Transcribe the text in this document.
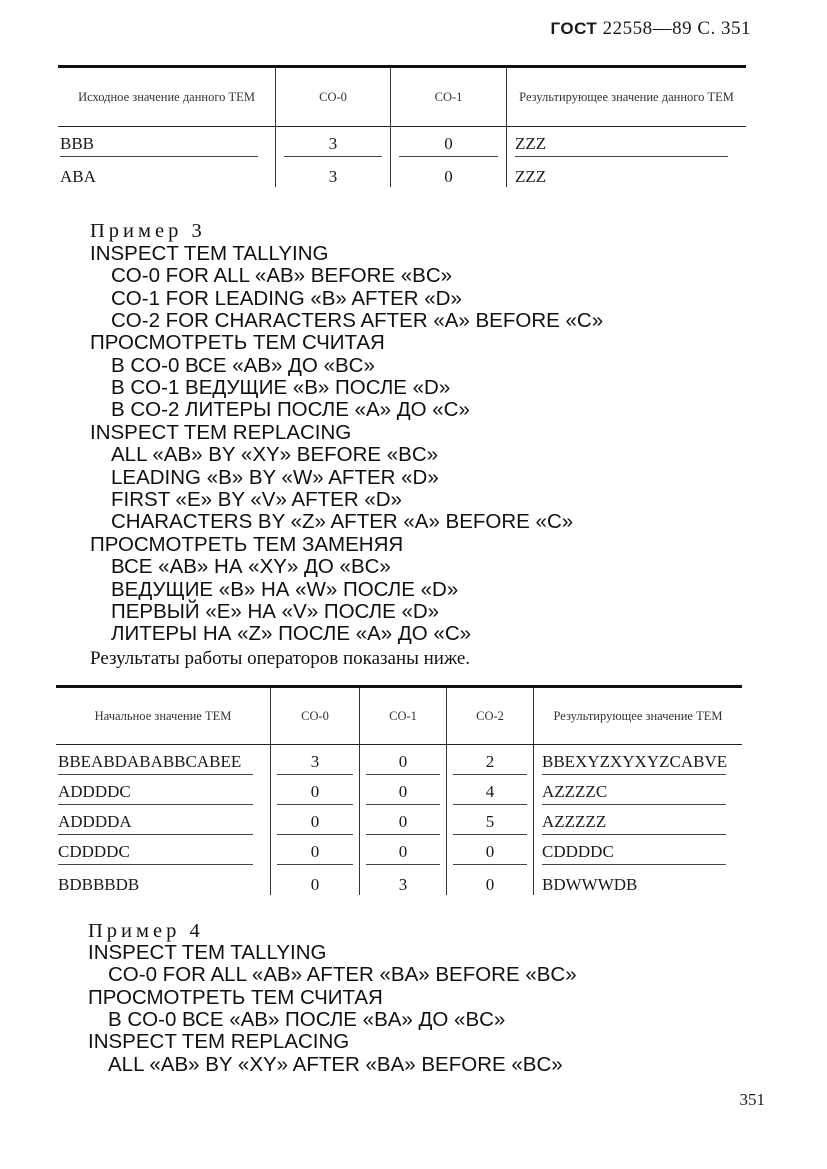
ГОСТ 22558—89 С. 351
Исходное значение данного TEM	CO-0	CO-1	Результирующее значение данного TEM
BBB	3	0	ZZZ
ABA	3	0	ZZZ
Пример 3
INSPECT TEM TALLYING
CO-0 FOR ALL «AB» BEFORE «BC»
CO-1 FOR LEADING «B» AFTER «D»
CO-2 FOR CHARACTERS AFTER «A» BEFORE «C»
ПРОСМОТРЕТЬ TEM СЧИТАЯ
В CO-0 ВСЕ «AB» ДО «BC»
В CO-1 ВЕДУЩИЕ «B» ПОСЛЕ «D»
В CO-2 ЛИТЕРЫ ПОСЛЕ «A» ДО «C»
INSPECT TEM REPLACING
ALL «AB» BY «XY» BEFORE «BC»
LEADING «B» BY «W» AFTER «D»
FIRST «E» BY «V» AFTER «D»
CHARACTERS BY «Z» AFTER «A» BEFORE «C»
ПРОСМОТРЕТЬ TEM ЗАМЕНЯЯ
ВСЕ «AB» НА «XY» ДО «BC»
ВЕДУЩИЕ «B» НА «W» ПОСЛЕ «D»
ПЕРВЫЙ «E» НА «V» ПОСЛЕ «D»
ЛИТЕРЫ НА «Z» ПОСЛЕ «A» ДО «C»
Результаты работы операторов показаны ниже.
Начальное значение TEM	CO-0	CO-1	CO-2	Результирующее значение TEM
BBEABDABABBCABEE	3	0	2	BBEXYZXYXYZCABVE
ADDDDC	0	0	4	AZZZZC
ADDDDA	0	0	5	AZZZZZ
CDDDDC	0	0	0	CDDDDC
BDBBBDB	0	3	0	BDWWWDB
Пример 4
INSPECT TEM TALLYING
CO-0 FOR ALL «AB» AFTER «BA» BEFORE «BC»
ПРОСМОТРЕТЬ TEM СЧИТАЯ
В CO-0 ВСЕ «AB» ПОСЛЕ «BA» ДО «BC»
INSPECT TEM REPLACING
ALL «AB» BY «XY» AFTER «BA» BEFORE «BC»
351
